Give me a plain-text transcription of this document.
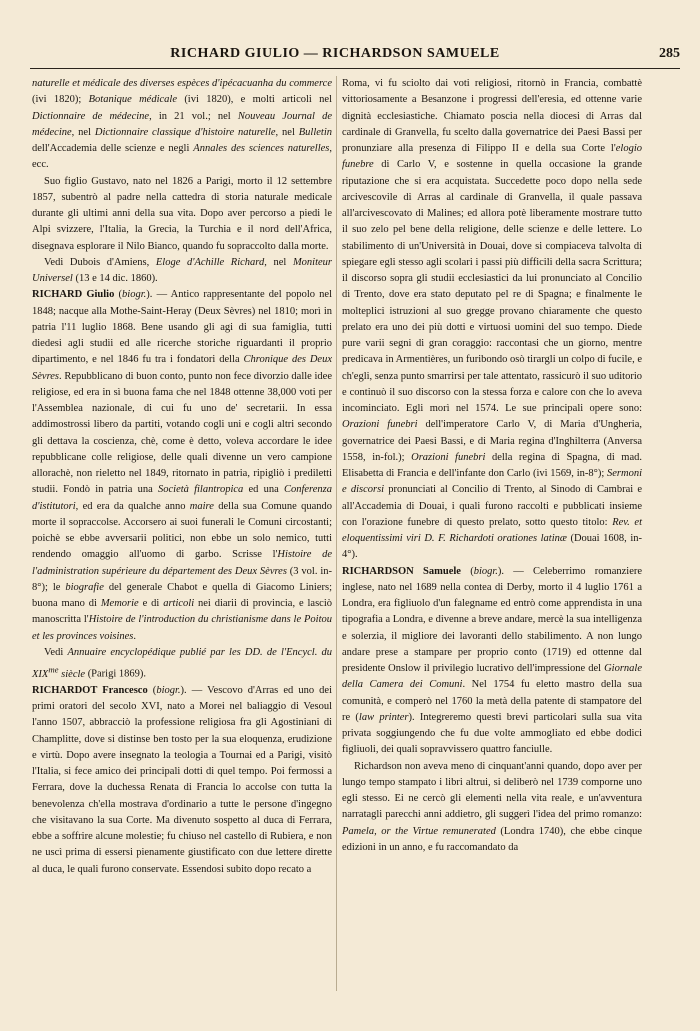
RICHARD GIULIO — RICHARDSON SAMUELE	285

naturelle et médicale des diverses espèces d'ipécacuanha du commerce (ivi 1820); Botanique médicale (ivi 1820), e molti articoli nel Dictionnaire de médecine, in 21 vol.; nel Nouveau Journal de médecine, nel Dictionnaire classique d'histoire naturelle, nel Bulletin dell'Accademia delle scienze e negli Annales des sciences naturelles, ecc.

Suo figlio Gustavo, nato nel 1826 a Parigi, morto il 12 settembre 1857, subentrò al padre nella cattedra di storia naturale medicale durante gli ultimi anni della sua vita. Dopo aver percorso a piedi le Alpi svizzere, l'Italia, la Grecia, la Turchia e il nord dell'Africa, disegnava esplorare il Nilo Bianco, quando fu sopraccolto dalla morte.

Vedi Dubois d'Amiens, Eloge d'Achille Richard, nel Moniteur Universel (13 e 14 dic. 1860).

RICHARD Giulio (biogr.). — Antico rappresentante del popolo nel 1848; nacque alla Mothe-Saint-Heray (Deux Sèvres) nel 1810; morì in patria l'11 luglio 1868. Bene usando gli agi di sua famiglia, tutti diedesi agli studii ed alle ricerche storiche riguardanti il proprio dipartimento, e nel 1846 fu tra i fondatori della Chronique des Deux Sèvres. Repubblicano di buon conto, punto non fece divorzio dalle idee religiose, ed era in sì buona fama che nel 1848 ottenne 38,000 voti per l'Assemblea nazionale, di cui fu uno de' secretarii. In essa addimostrossi libero da partiti, votando cogli uni e cogli altri secondo gli dettava la coscienza, chè, come è detto, voleva accordare le idee repubblicane colle religiose, delle quali divenne un vero campione allorachè, non rieletto nel 1849, ritornato in patria, ripigliò i prediletti studii. Fondò in patria una Società filantropica ed una Conferenza d'istitutori, ed era da qualche anno maire della sua Comune quando morte il sopraccolse. Accorsero ai suoi funerali le Comuni circostanti; poichè se ebbe avversarii politici, non ebbe un solo nemico, tutti rendendo omaggio all'uomo di garbo. Scrisse l'Histoire de l'administration supérieure du département des Deux Sèvres (3 vol. in-8°); le biografie del generale Chabot e quella di Giacomo Liniers; buona mano di Memorie e di articoli nei diarii di provincia, e lasciò manoscritta l'Histoire de l'introduction du christianisme dans le Poitou et les provinces voisines.

Vedi Annuaire encyclopédique publié par les DD. de l'Encycl. du $XIX^{me}$ siècle (Parigi 1869).

RICHARDOT Francesco (biogr.). — Vescovo d'Arras ed uno dei primi oratori del secolo XVI, nato a Morei nel baliaggio di Vesoul l'anno 1507, abbracciò la professione religiosa fra gli Agostiniani di Champlitte, dove si distinse ben tosto per la sua eloquenza, erudizione e virtù. Dopo avere insegnato la teologia a Tournai ed a Parigi, visitò l'Italia, si fece amico dei principali dotti di quel tempo. Poi fermossi a Ferrara, dove la duchessa Renata di Francia lo accolse con tutta la benevolenza ch'ella mostrava d'ordinario a tutte le persone d'ingegno che visitavano la sua Corte. Ma divenuto sospetto al duca di Ferrara, ebbe a soffrire alcune molestie; fu chiuso nel castello di Rubiera, e non ne uscì prima di essersi pienamente giustificato con due lettere dirette al duca, le quali furono conservate. Essendosi subito dopo recato a

Roma, vi fu sciolto dai voti religiosi, ritornò in Francia, combattè vittoriosamente a Besanzone i progressi dell'eresia, ed ottenne varie dignità ecclesiastiche. Chiamato poscia nella diocesi di Arras dal cardinale di Granvella, fu scelto dalla governatrice dei Paesi Bassi per pronunziare alla presenza di Filippo II e della sua Corte l'elogio funebre di Carlo V, e sostenne in quella occasione la grande riputazione che si era acquistata. Succedette poco dopo nella sede arcivescovile di Arras al cardinale di Granvella, il quale passava all'arcivescovato di Malines; ed allora potè liberamente mostrare tutto il suo zelo pel bene della religione, delle scienze e delle lettere. Lo stabilimento di un'Università in Douai, dove si compiaceva talvolta di spiegare egli stesso agli scolari i passi più difficili della sacra Scrittura; il discorso sopra gli studii ecclesiastici da lui pronunciato al Concilio di Trento, dove era stato deputato pel re di Spagna; e finalmente le molteplici istruzioni al suo gregge provano chiaramente che questo prelato era uno dei più dotti e virtuosi uomini del suo tempo. Diede pure varii segni di gran coraggio: raccontasi che un giorno, mentre predicava in Armentières, un furibondo osò tirargli un colpo di fucile, e ch'egli, senza punto smarrirsi per tale attentato, rassicurò il suo uditorio e continuò il suo discorso con la stessa forza e calore con che lo aveva incominciato. Egli morì nel 1574. Le sue principali opere sono: Orazioni funebri dell'imperatore Carlo V, di Maria d'Ungheria, governatrice dei Paesi Bassi, e di Maria regina d'Inghilterra (Anversa 1558, in-fol.); Orazioni funebri della regina di Spagna, di mad. Elisabetta di Francia e dell'infante don Carlo (ivi 1569, in-8°); Sermoni e discorsi pronunciati al Concilio di Trento, al Sinodo di Cambrai e all'Accademia di Douai, i quali furono raccolti e pubblicati insieme con l'orazione funebre di questo prelato, sotto questo titolo: Rev. et eloquentissimi viri D. F. Richardoti orationes latinæ (Douai 1608, in-4°).

RICHARDSON Samuele (biogr.). — Celeberrimo romanziere inglese, nato nel 1689 nella contea di Derby, morto il 4 luglio 1761 a Londra, era figliuolo d'un falegname ed entrò come apprendista in una tipografia a Londra, e divenne a breve andare, mercè la sua intelligenza e solerzia, il migliore dei lavoranti dello stabilimento. A non lungo andare prese a stampare per proprio conto (1719) ed ottenne dal presidente Onslow il privilegio lucrativo dell'impressione del Giornale della Camera dei Comuni. Nel 1754 fu eletto mastro della sua comunità, e comperò nel 1760 la metà della patente di stampatore del re (law printer). Integreremo questi brevi particolari sulla sua vita privata soggiungendo che fu due volte ammogliato ed ebbe dodici figliuoli, dei quali sopravvissero quattro fanciulle.

Richardson non aveva meno di cinquant'anni quando, dopo aver per lungo tempo stampato i libri altrui, si deliberò nel 1739 comporne uno egli stesso. Ei ne cercò gli elementi nella vita reale, e un'avventura narratagli parecchi anni addietro, gli suggerì l'idea del primo romanzo: Pamela, or the Virtue remunerated (Londra 1740), che ebbe cinque edizioni in un anno, e fu raccomandato da
